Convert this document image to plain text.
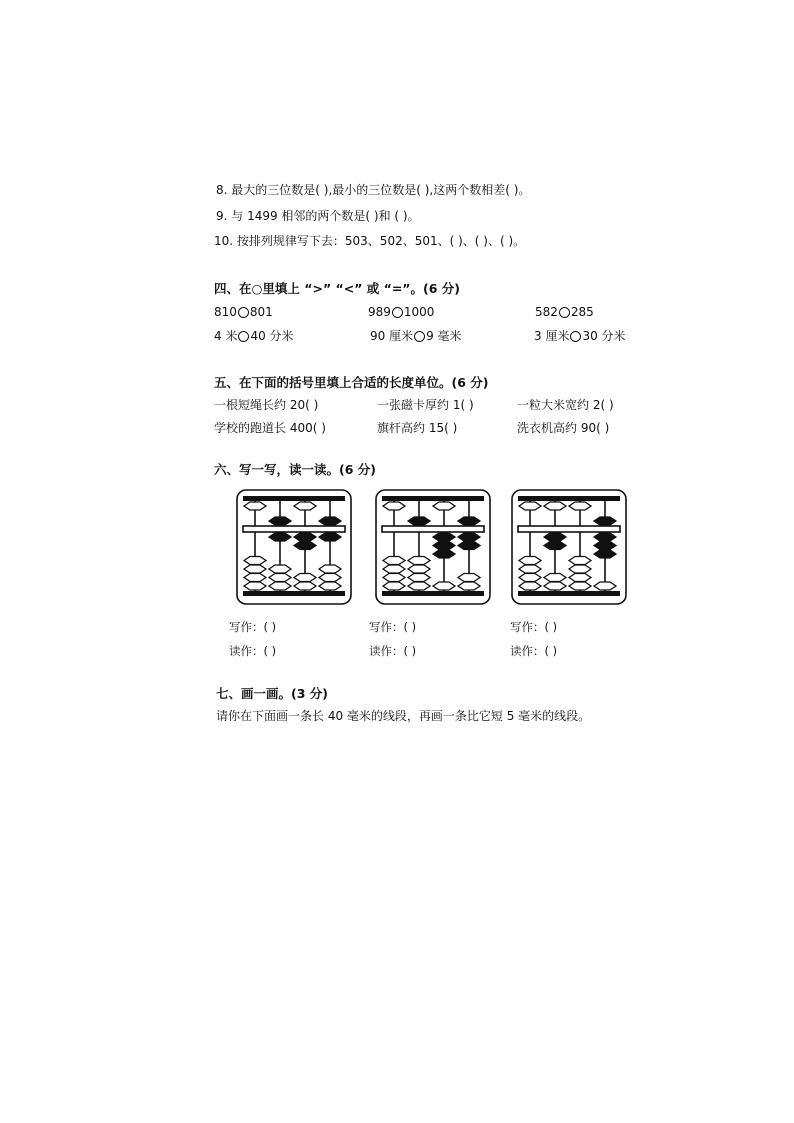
8. 最大的三位数是( ),最小的三位数是( ),这两个数相差( )。
9. 与 1499 相邻的两个数是( )和 ( )。
10. 按排列规律写下去：503、502、501、( )、( )、( )。
四、在○里填上 “>” “<” 或 “=”。(6 分)
810 801	989 1000	582 285
4 米 40 分米	90 厘米 9 毫米	3 厘米 30 分米
五、在下面的括号里填上合适的长度单位。(6 分)
一根短绳长约 20( )	一张磁卡厚约 1( )	一粒大米宽约 2( )
学校的跑道长 400( )	旗杆高约 15( )	洗衣机高约 90( )
六、写一写，读一读。(6 分)
写作：( )	写作：( )	写作：( )
读作：( )	读作：( )	读作：( )
七、画一画。(3 分)
请你在下面画一条长 40 毫米的线段，再画一条比它短 5 毫米的线段。
